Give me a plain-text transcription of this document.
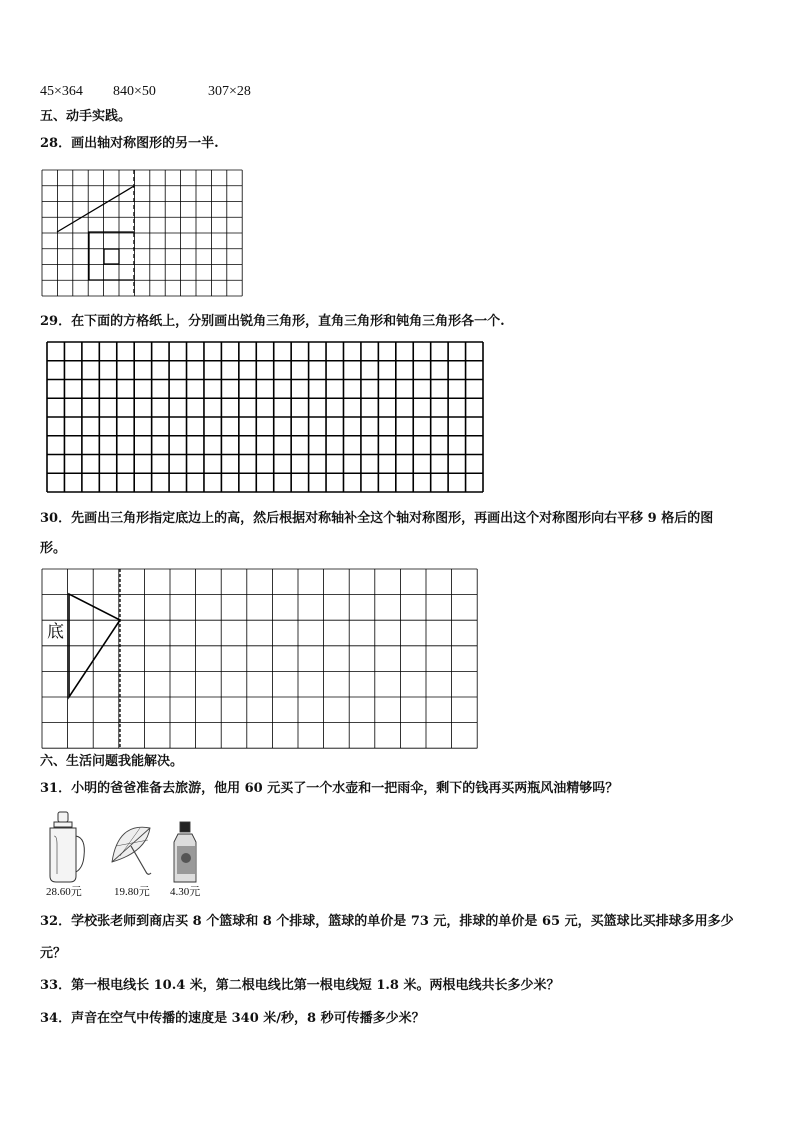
45×364 840×50	307×28
五、动手实践。
28．画出轴对称图形的另一半.
29．在下面的方格纸上，分别画出锐角三角形，直角三角形和钝角三角形各一个.
30．先画出三角形指定底边上的高，然后根据对称轴补全这个轴对称图形，再画出这个对称图形向右平移 9 格后的图
形。
底
六、生活问题我能解决。
31．小明的爸爸准备去旅游，他用 60 元买了一个水壶和一把雨伞，剩下的钱再买两瓶风油精够吗？
28.60元	19.80元 4.30元
32．学校张老师到商店买 8 个篮球和 8 个排球，篮球的单价是 73 元，排球的单价是 65 元，买篮球比买排球多用多少
元？
33．第一根电线长 10.4 米，第二根电线比第一根电线短 1.8 米。两根电线共长多少米？
34．声音在空气中传播的速度是 340 米/秒，8 秒可传播多少米？
